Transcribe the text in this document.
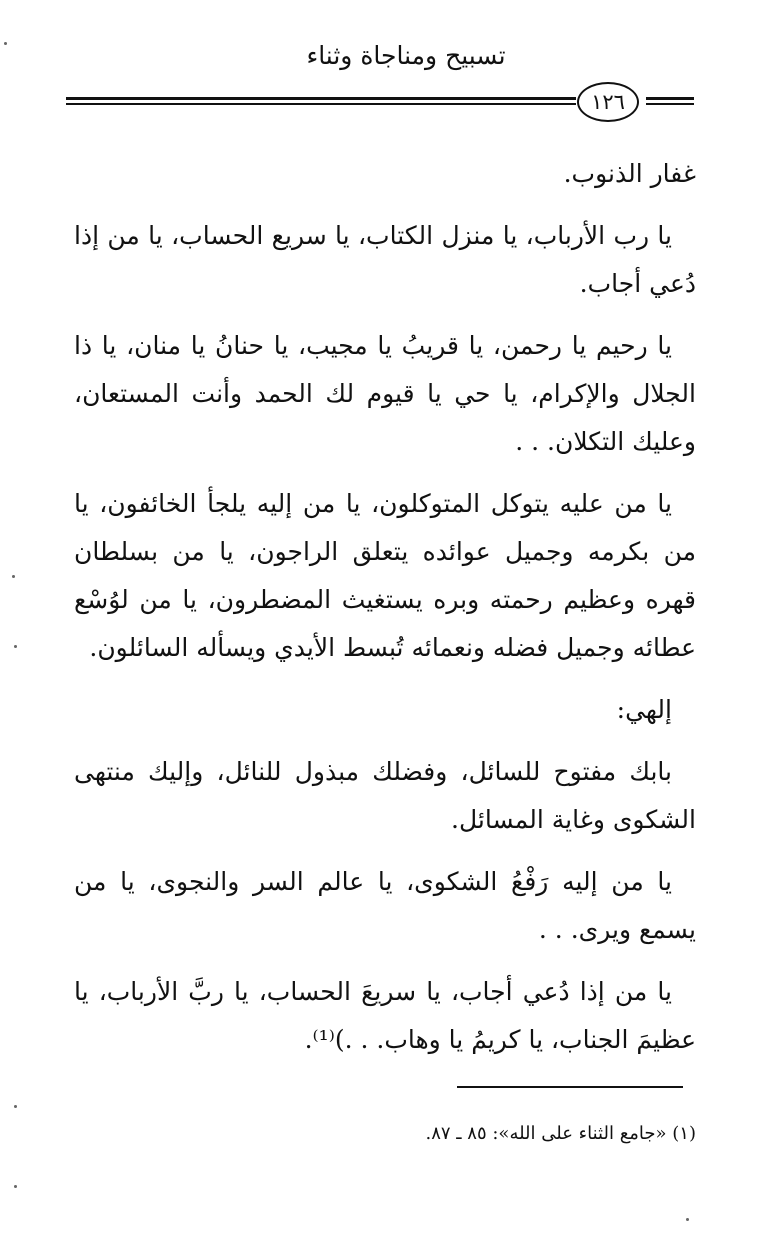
تسبيح ومناجاة وثناء
١٢٦

غفار الذنوب.

يا رب الأرباب، يا منزل الكتاب، يا سريع الحساب، يا من إذا دُعي أجاب.

يا رحيم يا رحمن، يا قريبُ يا مجيب، يا حنانُ يا منان، يا ذا الجلال والإكرام، يا حي يا قيوم لك الحمد وأنت المستعان، وعليك التكلان. . .

يا من عليه يتوكل المتوكلون، يا من إليه يلجأ الخائفون، يا من بكرمه وجميل عوائده يتعلق الراجون، يا من بسلطان قهره وعظيم رحمته وبره يستغيث المضطرون، يا من لوُسْع عطائه وجميل فضله ونعمائه تُبسط الأيدي ويسأله السائلون.

إلهي:

بابك مفتوح للسائل، وفضلك مبذول للنائل، وإليك منتهى الشكوى وغاية المسائل.

يا من إليه رَفْعُ الشكوى، يا عالم السر والنجوى، يا من يسمع ويرى. . .

يا من إذا دُعي أجاب، يا سريعَ الحساب، يا ربَّ الأرباب، يا عظيمَ الجناب، يا كريمُ يا وهاب. . .)⁽¹⁾.

(١) «جامع الثناء على الله»: ٨٥ ـ ٨٧.
